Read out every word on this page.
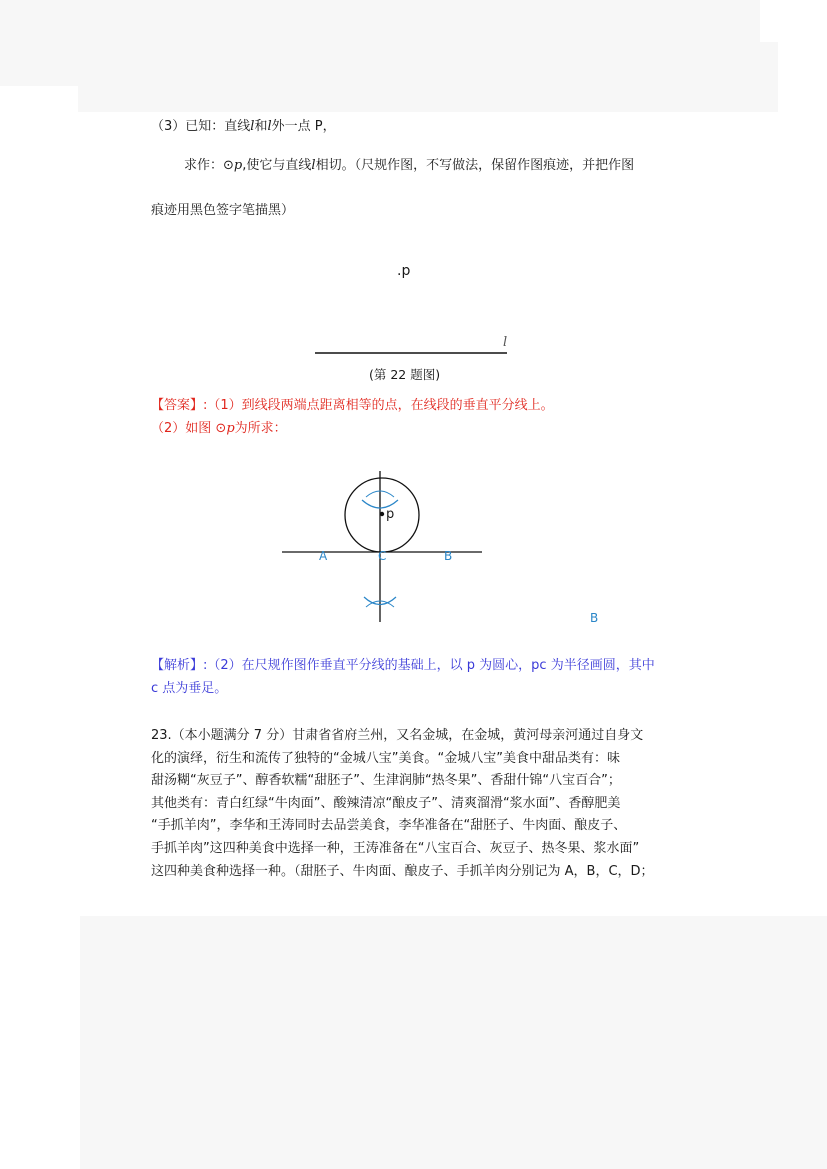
（3）已知：直线l和l外一点 P，
求作：⊙p,使它与直线l相切。（尺规作图，不写做法，保留作图痕迹，并把作图
痕迹用黑色签字笔描黑）
.p
l
(第 22 题图)
【答案】:（1）到线段两端点距离相等的点，在线段的垂直平分线上。
（2）如图 ⊙p为所求：
p
A	C	B
B
【解析】:（2）在尺规作图作垂直平分线的基础上，以 p 为圆心，pc 为半径画圆，其中
c 点为垂足。
23.（本小题满分 7 分）甘肃省省府兰州，又名金城，在金城，黄河母亲河通过自身文
化的演绎，衍生和流传了独特的“金城八宝”美食。“金城八宝”美食中甜品类有：味
甜汤糊“灰豆子”、醇香软糯“甜胚子”、生津润肺“热冬果”、香甜什锦“八宝百合”；
其他类有：青白红绿“牛肉面”、酸辣清凉“酿皮子”、清爽溜滑“浆水面”、香醇肥美
“手抓羊肉”，李华和王涛同时去品尝美食，李华准备在“甜胚子、牛肉面、酿皮子、
手抓羊肉”这四种美食中选择一种，王涛准备在“八宝百合、灰豆子、热冬果、浆水面”
这四种美食种选择一种。（甜胚子、牛肉面、酿皮子、手抓羊肉分别记为 A，B，C，D；
